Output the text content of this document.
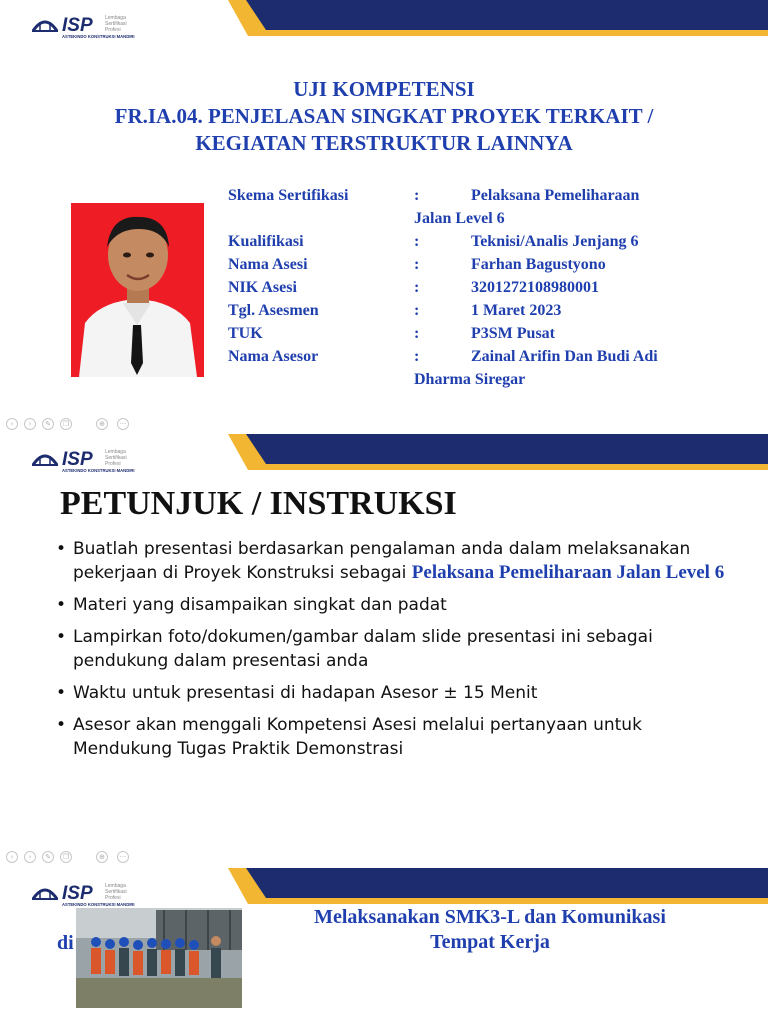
ISP Lembaga
Sertifikasi
Profesi
ASTEKINDO KONSTRUKSI MANDIRI
UJI KOMPETENSI
FR.IA.04. PENJELASAN SINGKAT PROYEK TERKAIT /
KEGIATAN TERSTRUKTUR LAINNYA
Skema Sertifikasi	:	Pelaksana Pemeliharaan
Jalan Level 6
Kualifikasi	:	Teknisi/Analis Jenjang 6
Nama Asesi	:	Farhan Bagustyono
NIK Asesi	:	3201272108980001
Tgl. Asesmen	:	1 Maret 2023
TUK	:	P3SM Pusat
Nama Asesor	:	Zainal Arifin Dan Budi Adi
Dharma Siregar
‹	›	✎	❐	⊕	···
ISP Lembaga
Sertifikasi
Profesi
ASTEKINDO KONSTRUKSI MANDIRI
PETUNJUK / INSTRUKSI
• Buatlah presentasi berdasarkan pengalaman anda dalam melaksanakan pekerjaan di Proyek Konstruksi sebagai Pelaksana Pemeliharaan Jalan Level 6
• Materi yang disampaikan singkat dan padat
• Lampirkan foto/dokumen/gambar dalam slide presentasi ini sebagai pendukung dalam presentasi anda
• Waktu untuk presentasi di hadapan Asesor ± 15 Menit
• Asesor akan menggali Kompetensi Asesi melalui pertanyaan untuk Mendukung Tugas Praktik Demonstrasi
‹	›	✎	❐	⊕	···
ISP Lembaga
Sertifikasi
Profesi
ASTEKINDO KONSTRUKSI MANDIRI
di
Melaksanakan SMK3-L dan Komunikasi
Tempat Kerja
